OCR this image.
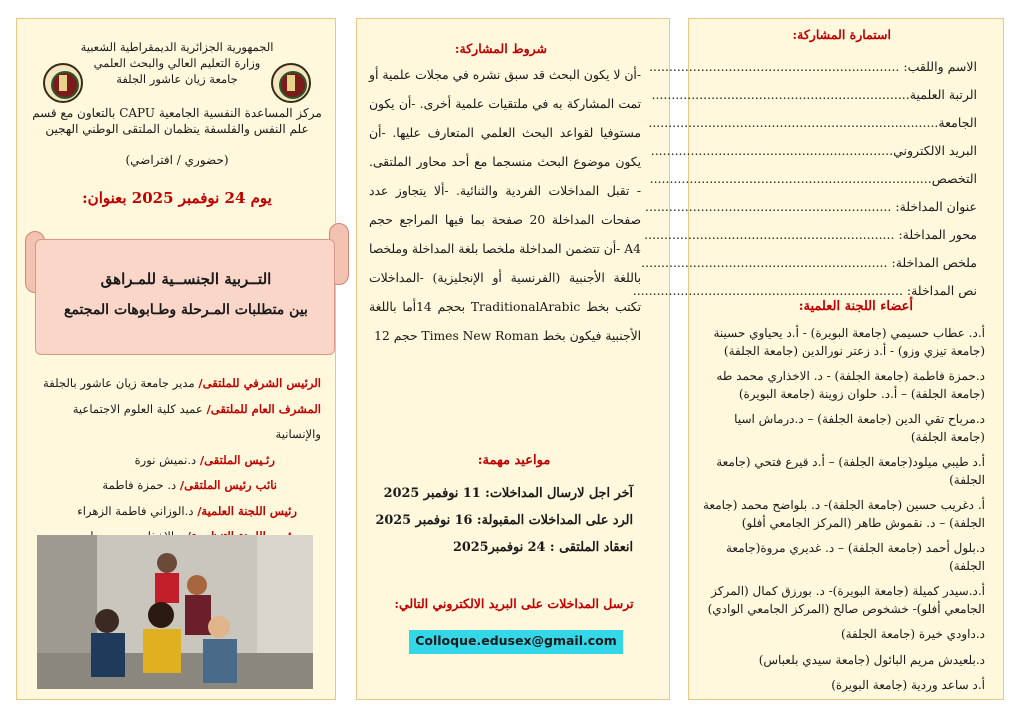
الجمهورية الجزائرية الديمقراطية الشعبية
وزارة التعليم العالي والبحث العلمي
جامعة زيان عاشور الجلفة
مركز المساعدة النفسية الجامعية CAPU بالتعاون مع قسم
علم النفس والفلسفة ينظمان الملتقى الوطني الهجين
(حضوري / افتراضي)
يوم 24 نوفمبر 2025 بعنوان:
التــربية الجنســية للمـراهق
بين متطلبات المـرحلة وطـابوهات المجتمع
الرئيس الشرفي للملتقى/ مدير جامعة زيان عاشور بالجلفة
المشرف العام للملتقى/ عميد كلية العلوم الاجتماعية والإنسانية
رئـيس الملتقى/ د.نميش نورة
نائب رئيس الملتقى/ د. حمزة فاطمة
رئيس اللجنة العلمية/ د.الوزاني فاطمة الزهراء
شروط المشاركة:
-أن لا يكون البحث قد سبق نشره في مجلات علمية أو تمت المشاركة به في ملتقيات علمية أخرى. -أن يكون مستوفيا لقواعد البحث العلمي المتعارف عليها. -أن يكون موضوع البحث منسجما مع أحد محاور الملتقى. - تقبل المداخلات الفردية والثنائية. -ألا يتجاوز عدد صفحات المداخلة 20 صفحة بما فيها المراجع حجم A4 -أن تتضمن المداخلة ملخصا بلغة المداخلة وملخصا باللغة الأجنبية (الفرنسية أو الإنجليزية) -المداخلات تكتب بخط TraditionalArabic بحجم 14أما باللغة الأجنبية فيكون بخط Times New Roman حجم 12
مواعيد مهمة:
آخر اجل لارسال المداخلات: 11 نوفمبر 2025
الرد على المداخلات المقبولة: 16 نوفمبر 2025
انعقاد الملتقى : 24 نوفمبر2025
ترسل المداخلات على البريد الالكتروني التالي:
Colloque.edusex@gmail.com
استمارة المشاركة:
الاسم واللقب: ...............................................................
الرتبة العلمية.................................................................
الجامعة.........................................................................
البريد الالكتروني.............................................................
التخصص.......................................................................
عنوان المداخلة: ..............................................................
محور المداخلة: ...............................................................
ملخص المداخلة: ..............................................................
نص المداخلة: ....................................................................
أعضاء اللجنة العلمية:
أ.د. عطاب حسيمي (جامعة البويرة) - أ.د يحياوي حسينة (جامعة تيزي وزو) - أ.د زعتر نورالدين (جامعة الجلفة)
د.حمزة فاطمة (جامعة الجلفة) - د. الاخذاري محمد طه (جامعة الجلفة) – أ.د. حلوان زوينة (جامعة البويرة)
د.مرباح تقي الدين (جامعة الجلفة) – د.درماش اسيا (جامعة الجلفة)
أ.د طيبي ميلود(جامعة الجلفة) – أ.د قيرع فتحي (جامعة الجلفة)
أ. دغريب حسين (جامعة الجلفة)- د. بلواضح محمد (جامعة الجلفة) – د. نقموش طاهر (المركز الجامعي أفلو)
د.بلول أحمد (جامعة الجلفة) – د. غديري مروة(جامعة الجلفة)
أ.د.سيدر كميلة (جامعة البويرة)- د. بورزق كمال (المركز الجامعي أفلو)- خشخوص صالح (المركز الجامعي الوادي)
د.داودي خيرة (جامعة الجلفة)
د.بلعيدش مريم البائول (جامعة سيدي بلعباس)
أ.د ساعد وردية (جامعة البويرة)
